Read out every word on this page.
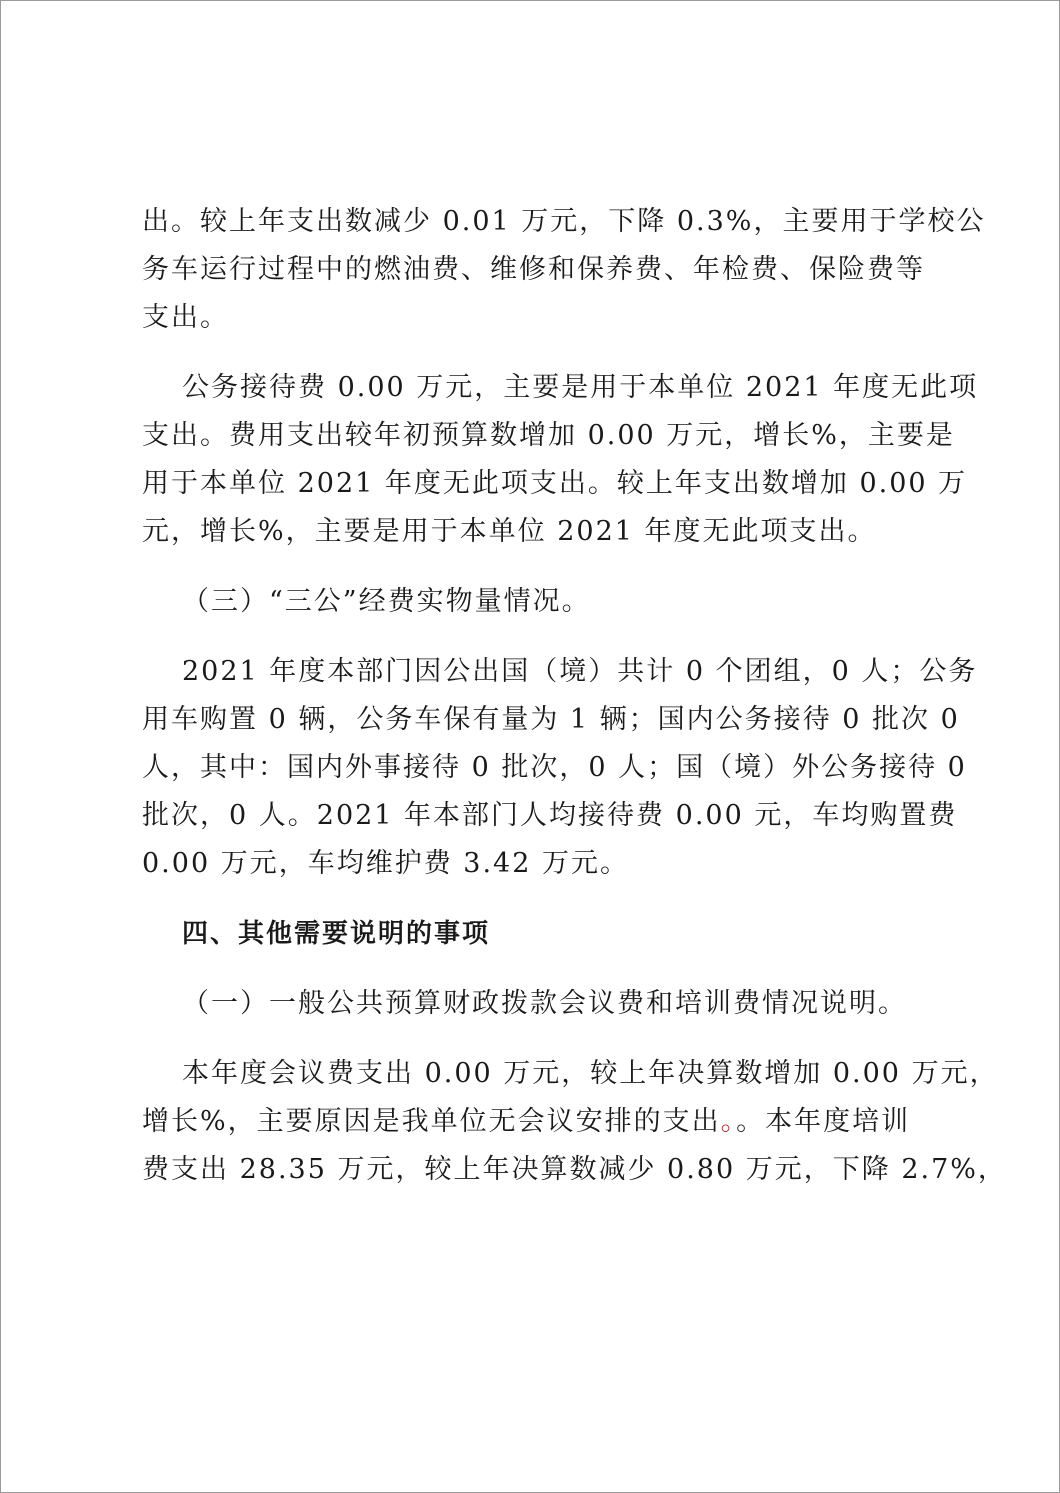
出。较上年支出数减少 0.01 万元，下降 0.3%，主要用于学校公
务车运行过程中的燃油费、维修和保养费、年检费、保险费等
支出。
公务接待费 0.00 万元，主要是用于本单位 2021 年度无此项
支出。费用支出较年初预算数增加 0.00 万元，增长%，主要是
用于本单位 2021 年度无此项支出。较上年支出数增加 0.00 万
元，增长%，主要是用于本单位 2021 年度无此项支出。
（三）“三公”经费实物量情况。
2021 年度本部门因公出国（境）共计 0 个团组，0 人；公务
用车购置 0 辆，公务车保有量为 1 辆；国内公务接待 0 批次 0
人，其中：国内外事接待 0 批次，0 人；国（境）外公务接待 0
批次，0 人。2021 年本部门人均接待费 0.00 元，车均购置费
0.00 万元，车均维护费 3.42 万元。
四、其他需要说明的事项
（一）一般公共预算财政拨款会议费和培训费情况说明。
本年度会议费支出 0.00 万元，较上年决算数增加 0.00 万元，
增长%，主要原因是我单位无会议安排的支出。。本年度培训
费支出 28.35 万元，较上年决算数减少 0.80 万元，下降 2.7%，
